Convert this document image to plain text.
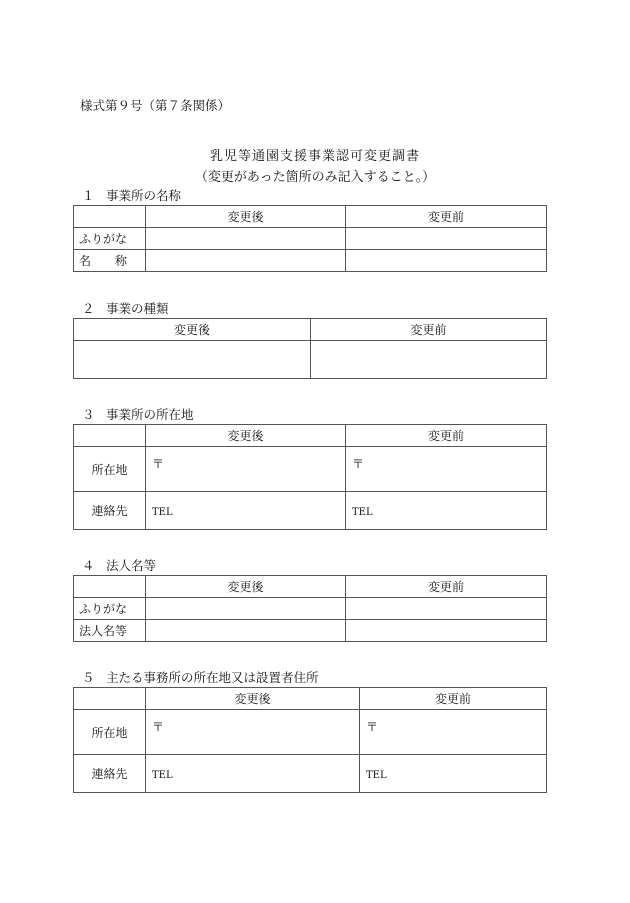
様式第９号（第７条関係）
乳児等通園支援事業認可変更調書
（変更があった箇所のみ記入すること。）
１ 事業所の名称
	変更後	変更前
ふりがな		
名　　称		
２ 事業の種類
変更後	変更前

３ 事業所の所在地
	変更後	変更前
所在地	〒	〒

連絡先	TEL	TEL
４ 法人名等
	変更後	変更前
ふりがな		
法人名等		
５ 主たる事務所の所在地又は設置者住所
	変更後	変更前
所在地	〒	〒

連絡先	TEL	TEL
